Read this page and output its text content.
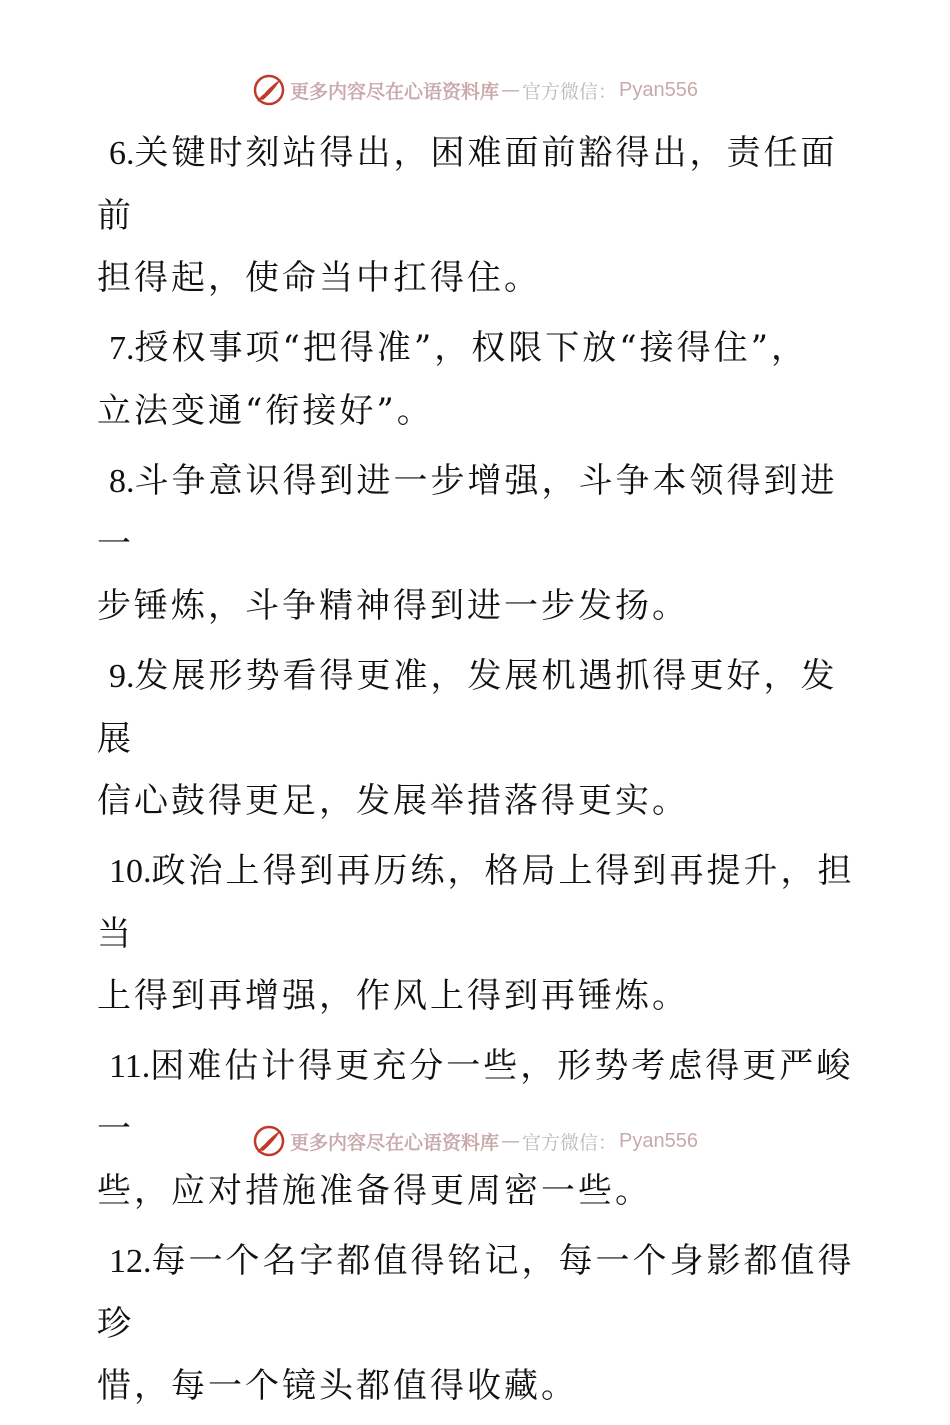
更多内容尽在心语资料库 — 官方微信： Pyan556
6.关键时刻站得出，困难面前豁得出，责任面前
担得起，使命当中扛得住。
7.授权事项“把得准”，权限下放“接得住”，
立法变通“衔接好”。
8.斗争意识得到进一步增强，斗争本领得到进一
步锤炼，斗争精神得到进一步发扬。
9.发展形势看得更准，发展机遇抓得更好，发展
信心鼓得更足，发展举措落得更实。
10.政治上得到再历练，格局上得到再提升，担当
上得到再增强，作风上得到再锤炼。
11.困难估计得更充分一些，形势考虑得更严峻一
些，应对措施准备得更周密一些。
12.每一个名字都值得铭记，每一个身影都值得珍
惜，每一个镜头都值得收藏。
更多内容尽在心语资料库 — 官方微信： Pyan556
